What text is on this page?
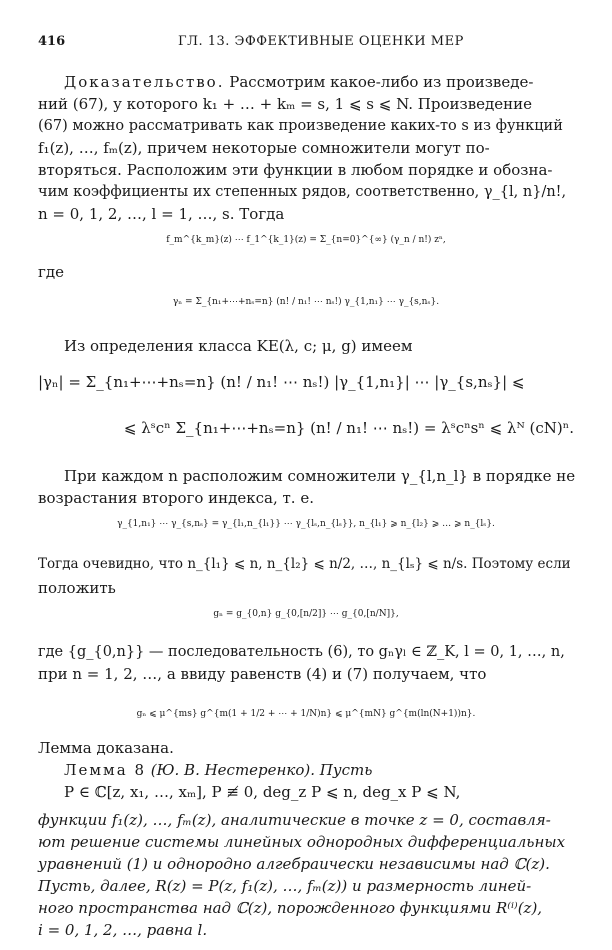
416	ГЛ. 13. ЭФФЕКТИВНЫЕ ОЦЕНКИ МЕР
Доказательство. Рассмотрим какое-либо из произведе-
ний (67), у которого k₁ + … + kₘ = s, 1 ⩽ s ⩽ N. Произведение
(67) можно рассматривать как произведение каких-то s из функций
f₁(z), …, fₘ(z), причем некоторые сомножители могут по-
вторяться. Расположим эти функции в любом порядке и обозна-
чим коэффициенты их степенных рядов, соответственно, γ_{l, n}/n!,
n = 0, 1, 2, …, l = 1, …, s. Тогда
f_m^{k_m}(z) ⋯ f_1^{k_1}(z) = Σ_{n=0}^{∞} (γ_n / n!) zⁿ,
где
γₙ = Σ_{n₁+⋯+nₛ=n} (n! / n₁! ⋯ nₛ!) γ_{1,n₁} ⋯ γ_{s,nₛ}.
Из определения класса KE(λ, c; μ, g) имеем
|γₙ| = Σ_{n₁+⋯+nₛ=n} (n! / n₁! ⋯ nₛ!) |γ_{1,n₁}| ⋯ |γ_{s,nₛ}| ⩽
⩽ λˢcⁿ Σ_{n₁+⋯+nₛ=n} (n! / n₁! ⋯ nₛ!) = λˢcⁿsⁿ ⩽ λᴺ (cN)ⁿ.
При каждом n расположим сомножители γ_{l,n_l} в порядке не
возрастания второго индекса, т. е.
γ_{1,n₁} ⋯ γ_{s,nₛ} = γ_{l₁,n_{l₁}} ⋯ γ_{lₛ,n_{lₛ}}, n_{l₁} ⩾ n_{l₂} ⩾ … ⩾ n_{lₛ}.
Тогда очевидно, что n_{l₁} ⩽ n, n_{l₂} ⩽ n/2, …, n_{lₛ} ⩽ n/s. Поэтому если
положить
gₙ = g_{0,n} g_{0,[n/2]} ⋯ g_{0,[n/N]},
где {g_{0,n}} — последовательность (6), то gₙγₗ ∈ ℤ_K, l = 0, 1, …, n,
при n = 1, 2, …, а ввиду равенств (4) и (7) получаем, что
gₙ ⩽ μ^{ms} g^{m(1 + 1/2 + ⋯ + 1/N)n} ⩽ μ^{mN} g^{m(ln(N+1))n}.
Лемма доказана.
Лемма 8 (Ю. В. Нестеренко). Пусть
P ∈ ℂ[z, x₁, …, xₘ], P ≢ 0, deg_z P ⩽ n, deg_x P ⩽ N,
функции f₁(z), …, fₘ(z), аналитические в точке z = 0, составля-
ют решение системы линейных однородных дифференциальных
уравнений (1) и однородно алгебраически независимы над ℂ(z).
Пусть, далее, R(z) = P(z, f₁(z), …, fₘ(z)) и размерность линей-
ного пространства над ℂ(z), порожденного функциями R⁽ⁱ⁾(z),
i = 0, 1, 2, …, равна l.
